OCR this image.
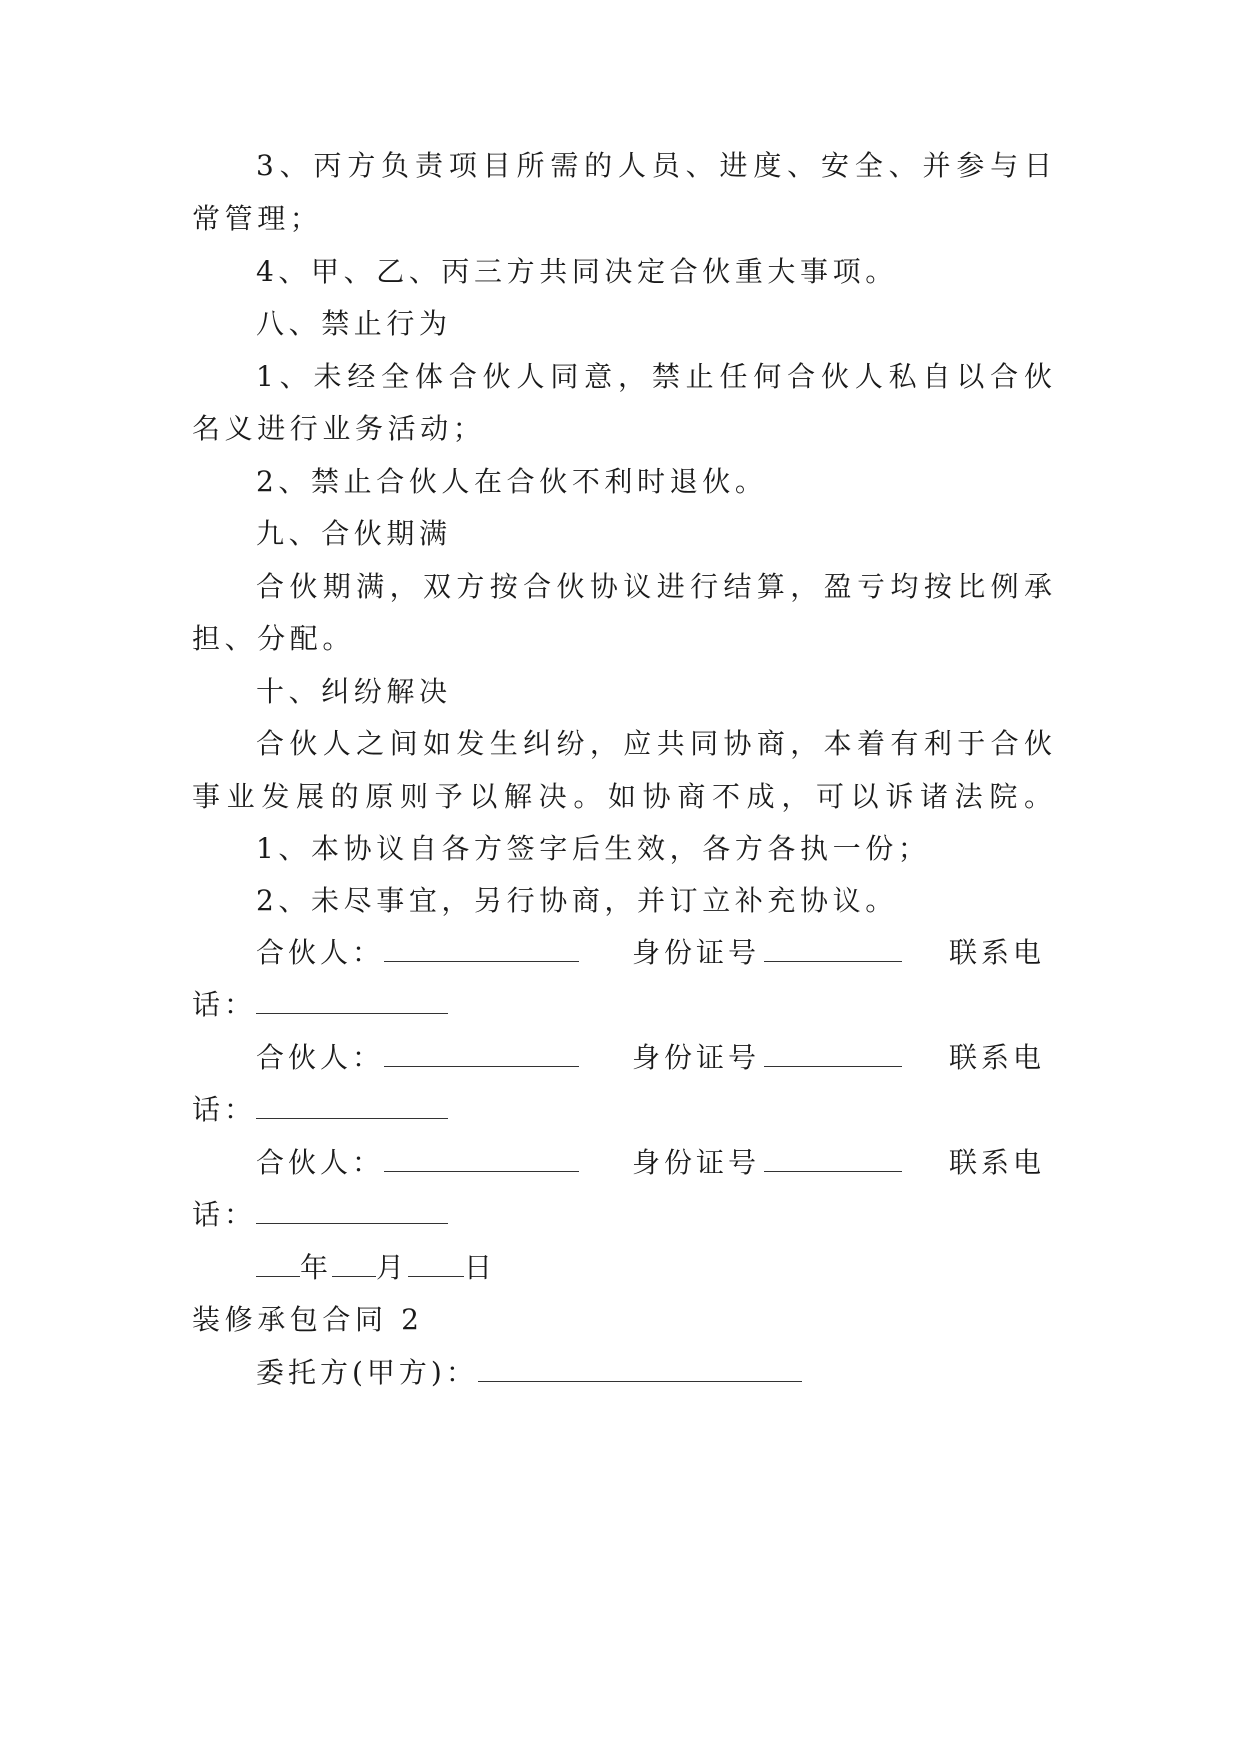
3、丙方负责项目所需的人员、进度、安全、并参与日
常管理；
4、甲、乙、丙三方共同决定合伙重大事项。
八、禁止行为
1、未经全体合伙人同意，禁止任何合伙人私自以合伙
名义进行业务活动；
2、禁止合伙人在合伙不利时退伙。
九、合伙期满
合伙期满，双方按合伙协议进行结算，盈亏均按比例承
担、分配。
十、纠纷解决
合伙人之间如发生纠纷，应共同协商，本着有利于合伙
事业发展的原则予以解决。如协商不成，可以诉诸法院。
1、本协议自各方签字后生效，各方各执一份；
2、未尽事宜，另行协商，并订立补充协议。
合伙人：	身份证号	联系电
话：
合伙人：	身份证号	联系电
话：
合伙人：	身份证号	联系电
话：
年 月 日
装修承包合同 2
委托方(甲方)：
